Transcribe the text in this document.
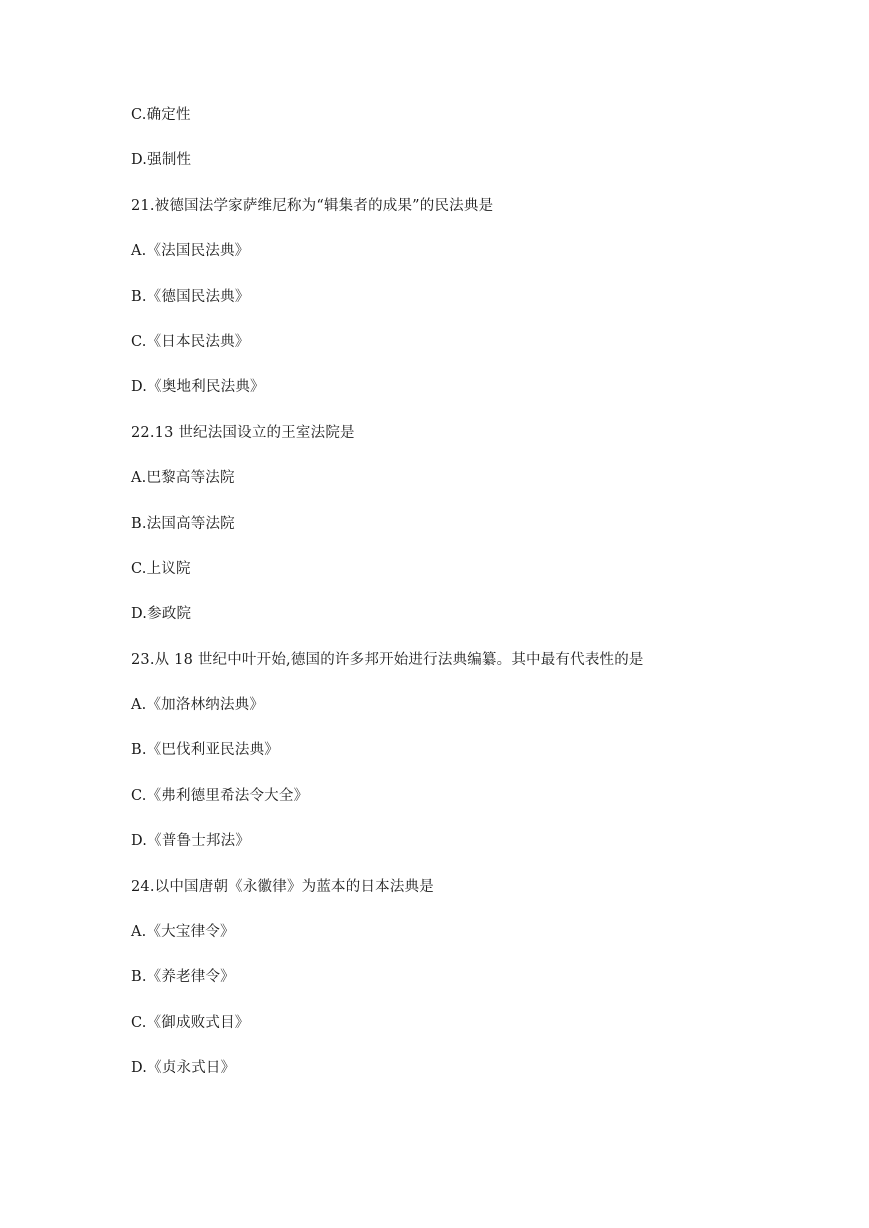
C.确定性
D.强制性
21.被德国法学家萨维尼称为“辑集者的成果”的民法典是
A.《法国民法典》
B.《德国民法典》
C.《日本民法典》
D.《奥地利民法典》
22.13 世纪法国设立的王室法院是
A.巴黎高等法院
B.法国高等法院
C.上议院
D.参政院
23.从 18 世纪中叶开始,德国的许多邦开始进行法典编纂。其中最有代表性的是
A.《加洛林纳法典》
B.《巴伐利亚民法典》
C.《弗利德里希法令大全》
D.《普鲁士邦法》
24.以中国唐朝《永徽律》为蓝本的日本法典是
A.《大宝律令》
B.《养老律令》
C.《御成败式目》
D.《贞永式日》
